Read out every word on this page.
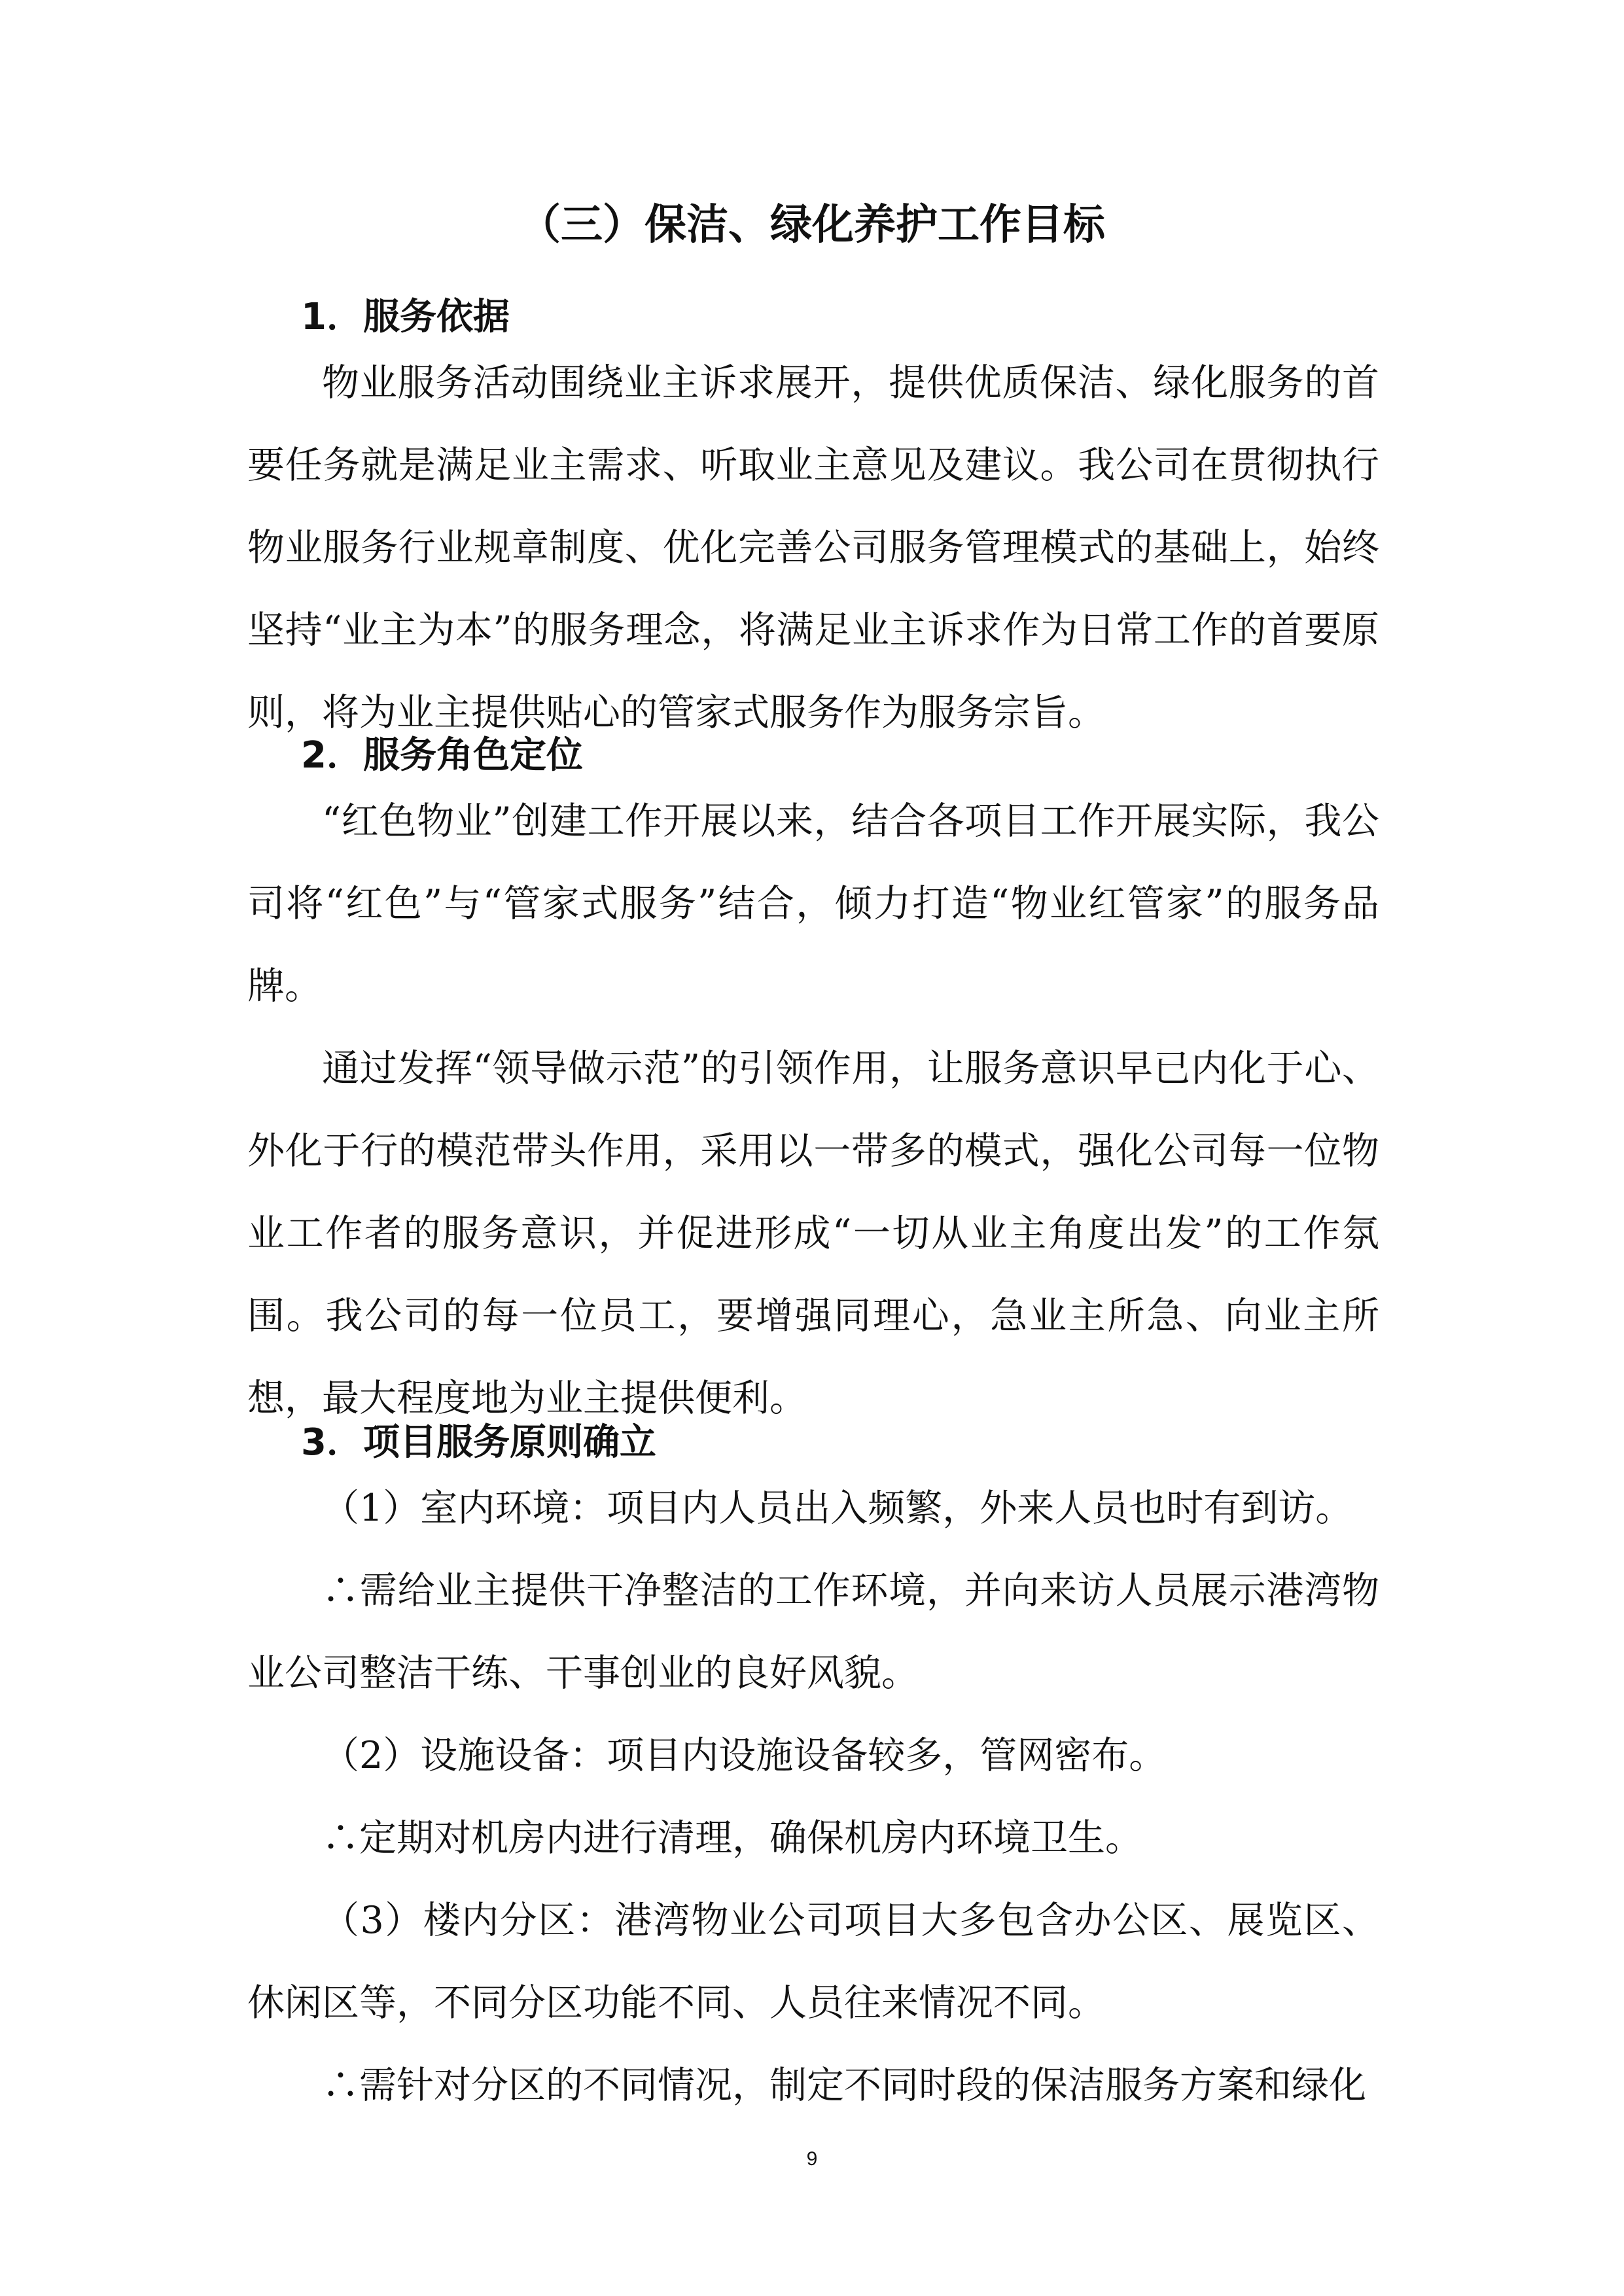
（三）保洁、绿化养护工作目标
1．服务依据

物业服务活动围绕业主诉求展开，提供优质保洁、绿化服务的首要任务就是满足业主需求、听取业主意见及建议。我公司在贯彻执行物业服务行业规章制度、优化完善公司服务管理模式的基础上，始终坚持“业主为本”的服务理念，将满足业主诉求作为日常工作的首要原则，将为业主提供贴心的管家式服务作为服务宗旨。

2．服务角色定位

“红色物业”创建工作开展以来，结合各项目工作开展实际，我公司将“红色”与“管家式服务”结合，倾力打造“物业红管家”的服务品牌。

通过发挥“领导做示范”的引领作用，让服务意识早已内化于心、外化于行的模范带头作用，采用以一带多的模式，强化公司每一位物业工作者的服务意识，并促进形成“一切从业主角度出发”的工作氛围。我公司的每一位员工，要增强同理心，急业主所急、向业主所想，最大程度地为业主提供便利。

3．项目服务原则确立

（1）室内环境：项目内人员出入频繁，外来人员也时有到访。

∴需给业主提供干净整洁的工作环境，并向来访人员展示港湾物业公司整洁干练、干事创业的良好风貌。

（2）设施设备：项目内设施设备较多，管网密布。

∴定期对机房内进行清理，确保机房内环境卫生。

（3）楼内分区：港湾物业公司项目大多包含办公区、展览区、休闲区等，不同分区功能不同、人员往来情况不同。

∴需针对分区的不同情况，制定不同时段的保洁服务方案和绿化

9
